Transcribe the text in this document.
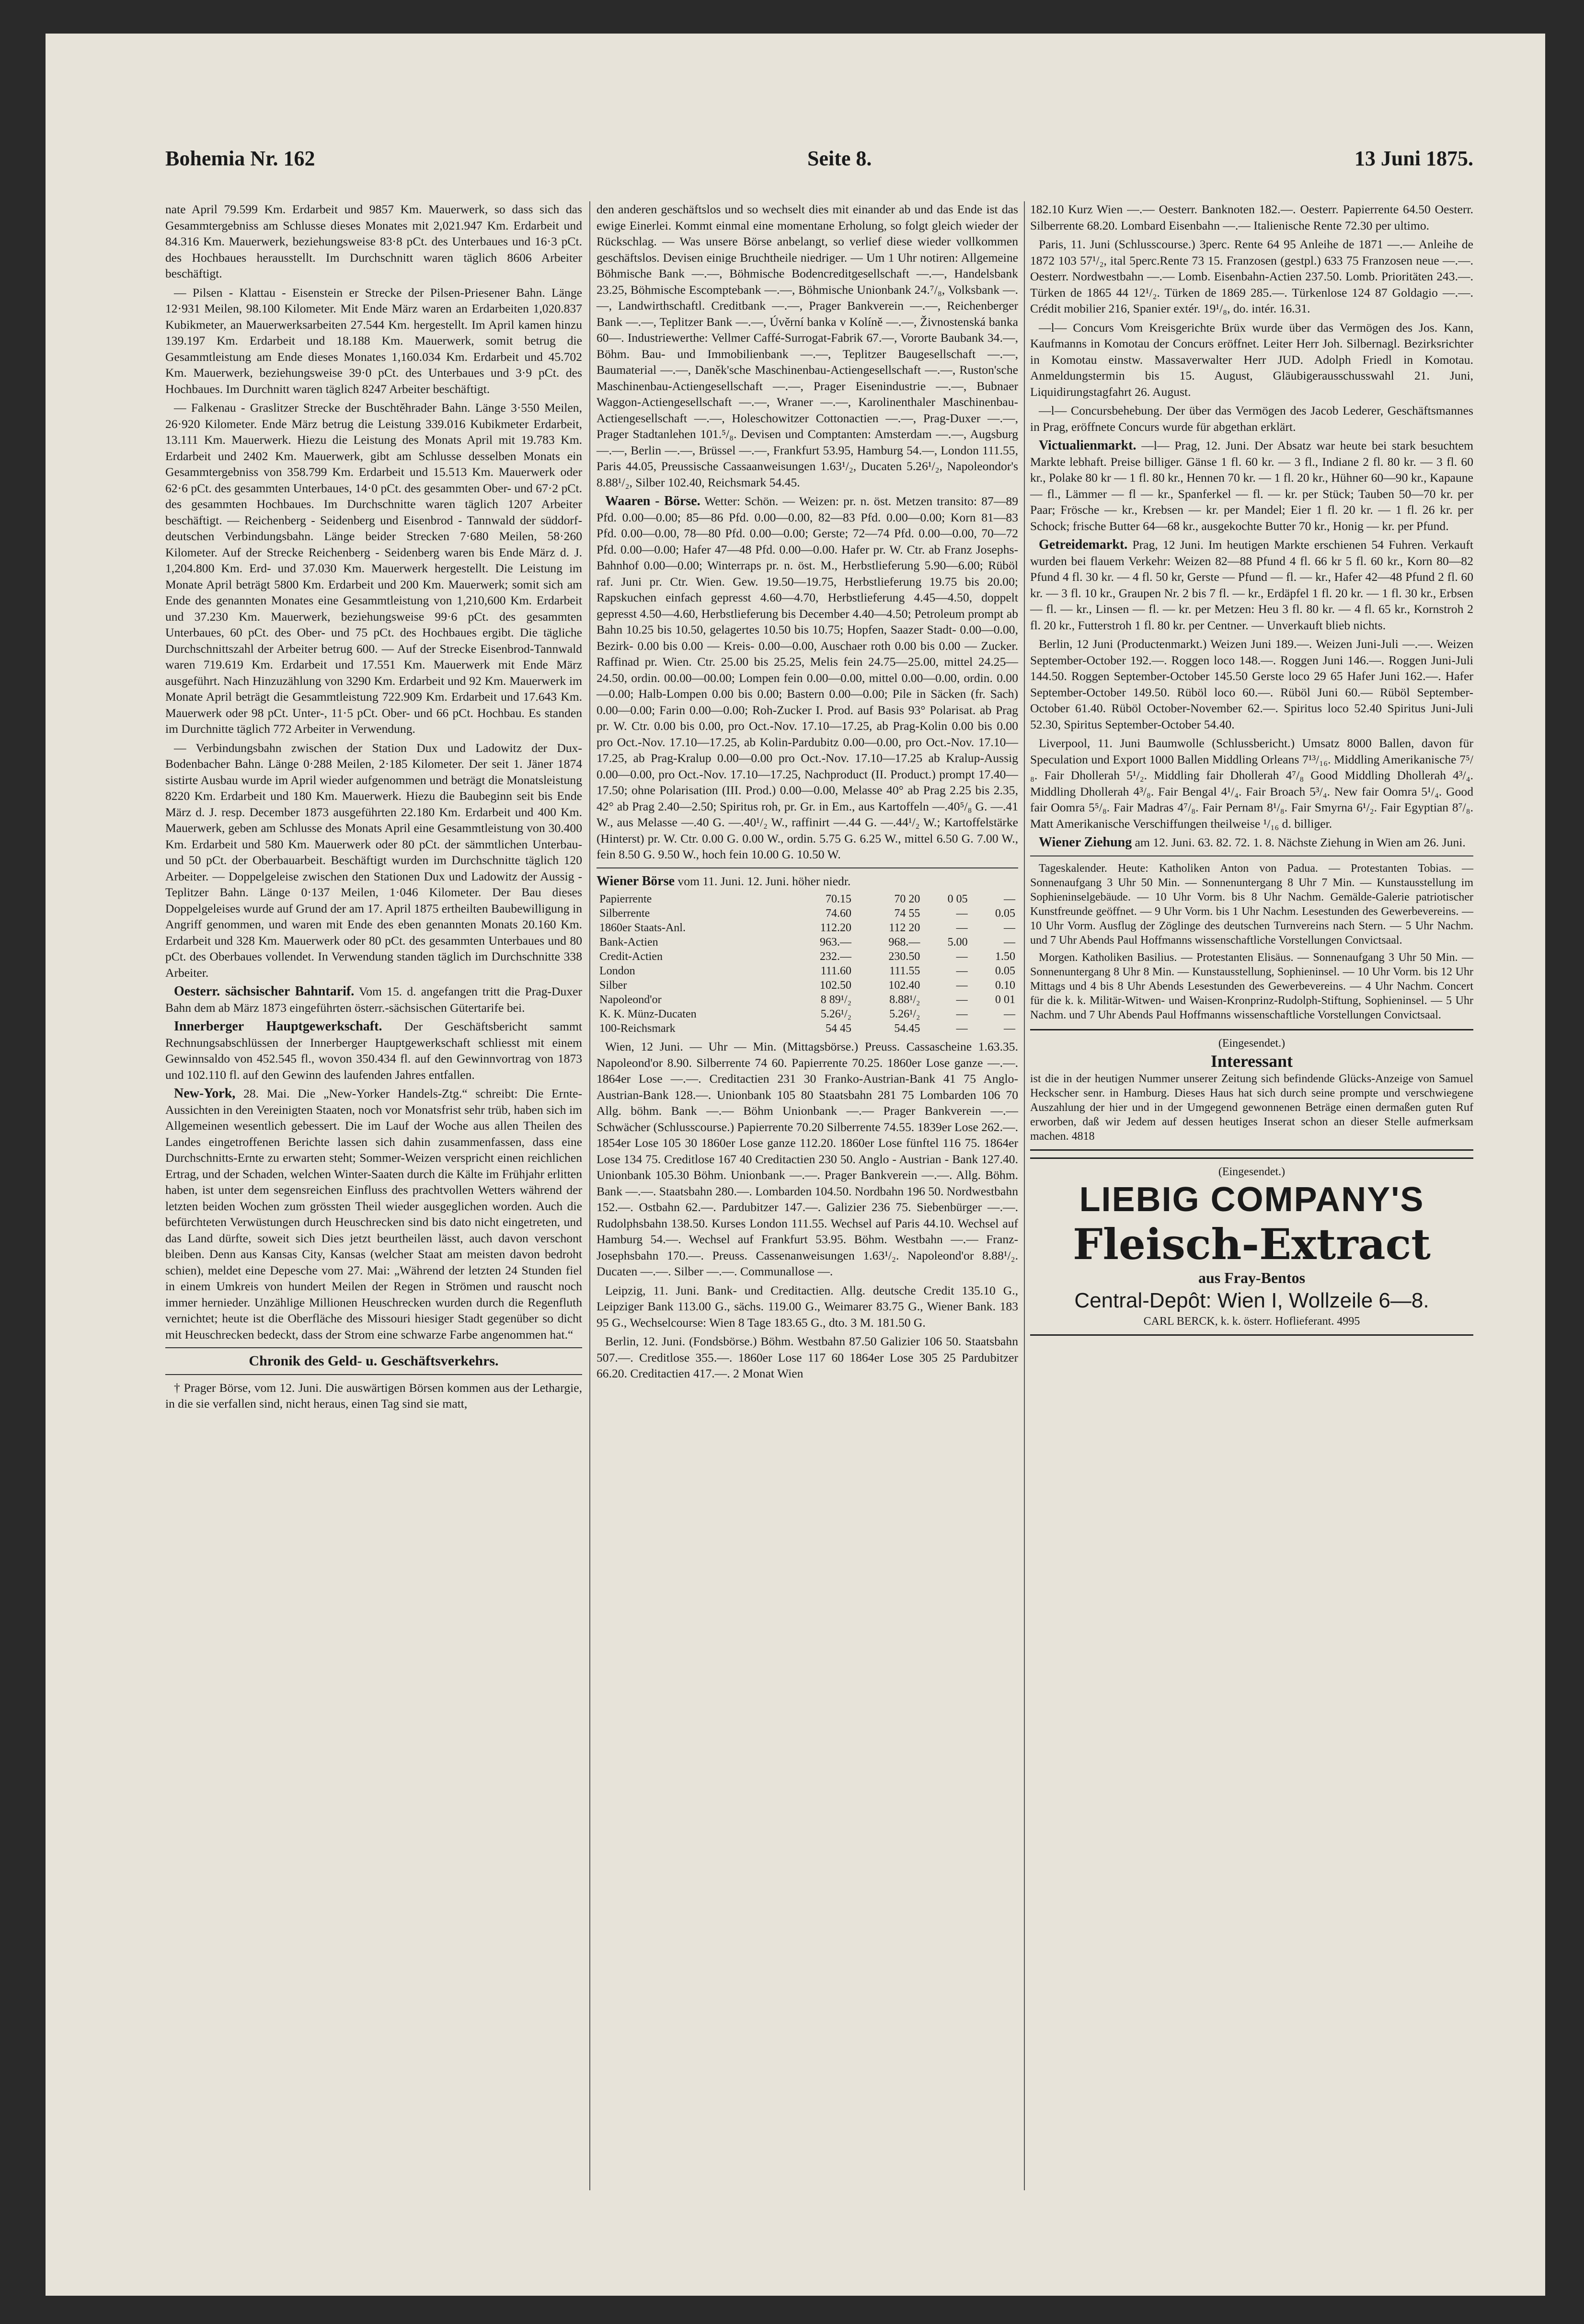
Bohemia Nr. 162	Seite 8.	13 Juni 1875.

nate April 79.599 Km. Erdarbeit und 9857 Km. Mauerwerk, so dass sich das Gesammtergebniss am Schlusse dieses Monates mit 2,021.947 Km. Erdarbeit und 84.316 Km. Mauerwerk, beziehungsweise 83·8 pCt. des Unterbaues und 16·3 pCt. des Hochbaues herausstellt. Im Durchschnitt waren täglich 8606 Arbeiter beschäftigt.

— Pilsen - Klattau - Eisenstein er Strecke der Pilsen-Priesener Bahn. Länge 12·931 Meilen, 98.100 Kilometer. Mit Ende März waren an Erdarbeiten 1,020.837 Kubikmeter, an Mauerwerksarbeiten 27.544 Km. hergestellt. Im April kamen hinzu 139.197 Km. Erdarbeit und 18.188 Km. Mauerwerk, somit betrug die Gesammtleistung am Ende dieses Monates 1,160.034 Km. Erdarbeit und 45.702 Km. Mauerwerk, beziehungsweise 39·0 pCt. des Unterbaues und 3·9 pCt. des Hochbaues. Im Durchnitt waren täglich 8247 Arbeiter beschäftigt.

— Falkenau - Graslitzer Strecke der Buschtěhrader Bahn. Länge 3·550 Meilen, 26·920 Kilometer. Ende März betrug die Leistung 339.016 Kubikmeter Erdarbeit, 13.111 Km. Mauerwerk. Hiezu die Leistung des Monats April mit 19.783 Km. Erdarbeit und 2402 Km. Mauerwerk, gibt am Schlusse desselben Monats ein Gesammtergebniss von 358.799 Km. Erdarbeit und 15.513 Km. Mauerwerk oder 62·6 pCt. des gesammten Unterbaues, 14·0 pCt. des gesammten Ober- und 67·2 pCt. des gesammten Hochbaues. Im Durchschnitte waren täglich 1207 Arbeiter beschäftigt. — Reichenberg - Seidenberg und Eisenbrod - Tannwald der süddorf-deutschen Verbindungsbahn. Länge beider Strecken 7·680 Meilen, 58·260 Kilometer. Auf der Strecke Reichenberg - Seidenberg waren bis Ende März d. J. 1,204.800 Km. Erd- und 37.030 Km. Mauerwerk hergestellt. Die Leistung im Monate April beträgt 5800 Km. Erdarbeit und 200 Km. Mauerwerk; somit sich am Ende des genannten Monates eine Gesammtleistung von 1,210,600 Km. Erdarbeit und 37.230 Km. Mauerwerk, beziehungsweise 99·6 pCt. des gesammten Unterbaues, 60 pCt. des Ober- und 75 pCt. des Hochbaues ergibt. Die tägliche Durchschnittszahl der Arbeiter betrug 600. — Auf der Strecke Eisenbrod-Tannwald waren 719.619 Km. Erdarbeit und 17.551 Km. Mauerwerk mit Ende März ausgeführt. Nach Hinzuzählung von 3290 Km. Erdarbeit und 92 Km. Mauerwerk im Monate April beträgt die Gesammtleistung 722.909 Km. Erdarbeit und 17.643 Km. Mauerwerk oder 98 pCt. Unter-, 11·5 pCt. Ober- und 66 pCt. Hochbau. Es standen im Durchnitte täglich 772 Arbeiter in Verwendung.

— Verbindungsbahn zwischen der Station Dux und Ladowitz der Dux-Bodenbacher Bahn. Länge 0·288 Meilen, 2·185 Kilometer. Der seit 1. Jäner 1874 sistirte Ausbau wurde im April wieder aufgenommen und beträgt die Monatsleistung 8220 Km. Erdarbeit und 180 Km. Mauerwerk. Hiezu die Baubeginn seit bis Ende März d. J. resp. December 1873 ausgeführten 22.180 Km. Erdarbeit und 400 Km. Mauerwerk, geben am Schlusse des Monats April eine Gesammtleistung von 30.400 Km. Erdarbeit und 580 Km. Mauerwerk oder 80 pCt. der sämmtlichen Unterbau- und 50 pCt. der Oberbauarbeit. Beschäftigt wurden im Durchschnitte täglich 120 Arbeiter. — Doppelgeleise zwischen den Stationen Dux und Ladowitz der Aussig - Teplitzer Bahn. Länge 0·137 Meilen, 1·046 Kilometer. Der Bau dieses Doppelgeleises wurde auf Grund der am 17. April 1875 ertheilten Baubewilligung in Angriff genommen, und waren mit Ende des eben genannten Monats 20.160 Km. Erdarbeit und 328 Km. Mauerwerk oder 80 pCt. des gesammten Unterbaues und 80 pCt. des Oberbaues vollendet. In Verwendung standen täglich im Durchschnitte 338 Arbeiter.

Oesterr. sächsischer Bahntarif. Vom 15. d. angefangen tritt die Prag-Duxer Bahn dem ab März 1873 eingeführten österr.-sächsischen Gütertarife bei.

Innerberger Hauptgewerkschaft. Der Geschäftsbericht sammt Rechnungsabschlüssen der Innerberger Hauptgewerkschaft schliesst mit einem Gewinnsaldo von 452.545 fl., wovon 350.434 fl. auf den Gewinnvortrag von 1873 und 102.110 fl. auf den Gewinn des laufenden Jahres entfallen.

New-York, 28. Mai. Die „New-Yorker Handels-Ztg.“ schreibt: Die Ernte-Aussichten in den Vereinigten Staaten, noch vor Monatsfrist sehr trüb, haben sich im Allgemeinen wesentlich gebessert. Die im Lauf der Woche aus allen Theilen des Landes eingetroffenen Berichte lassen sich dahin zusammenfassen, dass eine Durchschnitts-Ernte zu erwarten steht; Sommer-Weizen verspricht einen reichlichen Ertrag, und der Schaden, welchen Winter-Saaten durch die Kälte im Frühjahr erlitten haben, ist unter dem segensreichen Einfluss des prachtvollen Wetters während der letzten beiden Wochen zum grössten Theil wieder ausgeglichen worden. Auch die befürchteten Verwüstungen durch Heuschrecken sind bis dato nicht eingetreten, und das Land dürfte, soweit sich Dies jetzt beurtheilen lässt, auch davon verschont bleiben. Denn aus Kansas City, Kansas (welcher Staat am meisten davon bedroht schien), meldet eine Depesche vom 27. Mai: „Während der letzten 24 Stunden fiel in einem Umkreis von hundert Meilen der Regen in Strömen und rauscht noch immer hernieder. Unzählige Millionen Heuschrecken wurden durch die Regenfluth vernichtet; heute ist die Oberfläche des Missouri hiesiger Stadt gegenüber so dicht mit Heuschrecken bedeckt, dass der Strom eine schwarze Farbe angenommen hat.“

Chronik des Geld- u. Geschäftsverkehrs.

† Prager Börse, vom 12. Juni. Die auswärtigen Börsen kommen aus der Lethargie, in die sie verfallen sind, nicht heraus, einen Tag sind sie matt,

den anderen geschäftslos und so wechselt dies mit einander ab und das Ende ist das ewige Einerlei. Kommt einmal eine momentane Erholung, so folgt gleich wieder der Rückschlag. — Was unsere Börse anbelangt, so verlief diese wieder vollkommen geschäftslos. Devisen einige Bruchtheile niedriger. — Um 1 Uhr notiren: Allgemeine Böhmische Bank —.—, Böhmische Bodencreditgesellschaft —.—, Handelsbank 23.25, Böhmische Escomptebank —.—, Böhmische Unionbank 24.⁷/₈, Volksbank —.—, Landwirthschaftl. Creditbank —.—, Prager Bankverein —.—, Reichenberger Bank —.—, Teplitzer Bank —.—, Úvěrní banka v Kolíně —.—, Živnostenská banka 60—. Industriewerthe: Vellmer Caffé-Surrogat-Fabrik 67.—, Vororte Baubank 34.—, Böhm. Bau- und Immobilienbank —.—, Teplitzer Baugesellschaft —.—, Baumaterial —.—, Daněk'sche Maschinenbau-Actiengesellschaft —.—, Ruston'sche Maschinenbau-Actiengesellschaft —.—, Prager Eisenindustrie —.—, Bubnaer Waggon-Actiengesellschaft —.—, Wraner —.—, Karolinenthaler Maschinenbau-Actiengesellschaft —.—, Holeschowitzer Cottonactien —.—, Prag-Duxer —.—, Prager Stadtanlehen 101.⁵/₈. Devisen und Comptanten: Amsterdam —.—, Augsburg —.—, Berlin —.—, Brüssel —.—, Frankfurt 53.95, Hamburg 54.—, London 111.55, Paris 44.05, Preussische Cassaanweisungen 1.63¹/₂, Ducaten 5.26¹/₂, Napoleondor's 8.88¹/₂, Silber 102.40, Reichsmark 54.45.

Waaren - Börse. Wetter: Schön. — Weizen: pr. n. öst. Metzen transito: 87—89 Pfd. 0.00—0.00; 85—86 Pfd. 0.00—0.00, 82—83 Pfd. 0.00—0.00; Korn 81—83 Pfd. 0.00—0.00, 78—80 Pfd. 0.00—0.00; Gerste; 72—74 Pfd. 0.00—0.00, 70—72 Pfd. 0.00—0.00; Hafer 47—48 Pfd. 0.00—0.00. Hafer pr. W. Ctr. ab Franz Josephs-Bahnhof 0.00—0.00; Winterraps pr. n. öst. M., Herbstlieferung 5.90—6.00; Rüböl raf. Juni pr. Ctr. Wien. Gew. 19.50—19.75, Herbstlieferung 19.75 bis 20.00; Rapskuchen einfach gepresst 4.60—4.70, Herbstlieferung 4.45—4.50, doppelt gepresst 4.50—4.60, Herbstlieferung bis December 4.40—4.50; Petroleum prompt ab Bahn 10.25 bis 10.50, gelagertes 10.50 bis 10.75; Hopfen, Saazer Stadt- 0.00—0.00, Bezirk- 0.00 bis 0.00 — Kreis- 0.00—0.00, Auschaer roth 0.00 bis 0.00 — Zucker. Raffinad pr. Wien. Ctr. 25.00 bis 25.25, Melis fein 24.75—25.00, mittel 24.25—24.50, ordin. 00.00—00.00; Lompen fein 0.00—0.00, mittel 0.00—0.00, ordin. 0.00—0.00; Halb-Lompen 0.00 bis 0.00; Bastern 0.00—0.00; Pile in Säcken (fr. Sach) 0.00—0.00; Farin 0.00—0.00; Roh-Zucker I. Prod. auf Basis 93° Polarisat. ab Prag pr. W. Ctr. 0.00 bis 0.00, pro Oct.-Nov. 17.10—17.25, ab Prag-Kolin 0.00 bis 0.00 pro Oct.-Nov. 17.10—17.25, ab Kolin-Pardubitz 0.00—0.00, pro Oct.-Nov. 17.10—17.25, ab Prag-Kralup 0.00—0.00 pro Oct.-Nov. 17.10—17.25 ab Kralup-Aussig 0.00—0.00, pro Oct.-Nov. 17.10—17.25, Nachproduct (II. Product.) prompt 17.40—17.50; ohne Polarisation (III. Prod.) 0.00—0.00, Melasse 40° ab Prag 2.25 bis 2.35, 42° ab Prag 2.40—2.50; Spiritus roh, pr. Gr. in Em., aus Kartoffeln —.40⁵/₈ G. —.41 W., aus Melasse —.40 G. —.40¹/₂ W., raffinirt —.44 G. —.44¹/₂ W.; Kartoffelstärke (Hinterst) pr. W. Ctr. 0.00 G. 0.00 W., ordin. 5.75 G. 6.25 W., mittel 6.50 G. 7.00 W., fein 8.50 G. 9.50 W., hoch fein 10.00 G. 10.50 W.

Wiener Börse vom 11. Juni. 12. Juni. höher niedr.

Papierrente	70.15	70 20	0 05	—
Silberrente	74.60	74 55	—	0.05
1860er Staats-Anl.	112.20	112 20	—	—
Bank-Actien	963.—	968.—	5.00	—
Credit-Actien	232.—	230.50	—	1.50
London	111.60	111.55	—	0.05
Silber	102.50	102.40	—	0.10
Napoleond'or	8 89¹/₂	8.88¹/₂	—	0 01
K. K. Münz-Ducaten	5.26¹/₂	5.26¹/₂	—	—
100-Reichsmark	54 45	54.45	—	—

Wien, 12 Juni. — Uhr — Min. (Mittagsbörse.) Preuss. Cassascheine 1.63.35. Napoleond'or 8.90. Silberrente 74 60. Papierrente 70.25. 1860er Lose ganze —.—. 1864er Lose —.—. Creditactien 231 30 Franko-Austrian-Bank 41 75 Anglo-Austrian-Bank 128.—. Unionbank 105 80 Staatsbahn 281 75 Lombarden 106 70 Allg. böhm. Bank —.— Böhm Unionbank —.— Prager Bankverein —.— Schwächer (Schlusscourse.) Papierrente 70.20 Silberrente 74.55. 1839er Lose 262.—. 1854er Lose 105 30 1860er Lose ganze 112.20. 1860er Lose fünftel 116 75. 1864er Lose 134 75. Creditlose 167 40 Creditactien 230 50. Anglo - Austrian - Bank 127.40. Unionbank 105.30 Böhm. Unionbank —.—. Prager Bankverein —.—. Allg. Böhm. Bank —.—. Staatsbahn 280.—. Lombarden 104.50. Nordbahn 196 50. Nordwestbahn 152.—. Ostbahn 62.—. Pardubitzer 147.—. Galizier 236 75. Siebenbürger —.—. Rudolphsbahn 138.50. Kurses London 111.55. Wechsel auf Paris 44.10. Wechsel auf Hamburg 54.—. Wechsel auf Frankfurt 53.95. Böhm. Westbahn —.— Franz-Josephsbahn 170.—. Preuss. Cassenanweisungen 1.63¹/₂. Napoleond'or 8.88¹/₂. Ducaten —.—. Silber —.—. Communallose —.

Leipzig, 11. Juni. Bank- und Creditactien. Allg. deutsche Credit 135.10 G., Leipziger Bank 113.00 G., sächs. 119.00 G., Weimarer 83.75 G., Wiener Bank. 183 95 G., Wechselcourse: Wien 8 Tage 183.65 G., dto. 3 M. 181.50 G.

Berlin, 12. Juni. (Fondsbörse.) Böhm. Westbahn 87.50 Galizier 106 50. Staatsbahn 507.—. Creditlose 355.—. 1860er Lose 117 60 1864er Lose 305 25 Pardubitzer 66.20. Creditactien 417.—. 2 Monat Wien

182.10 Kurz Wien —.— Oesterr. Banknoten 182.—. Oesterr. Papierrente 64.50 Oesterr. Silberrente 68.20. Lombard Eisenbahn —.— Italienische Rente 72.30 per ultimo.

Paris, 11. Juni (Schlusscourse.) 3perc. Rente 64 95 Anleihe de 1871 —.— Anleihe de 1872 103 57¹/₂, ital 5perc.Rente 73 15. Franzosen (gestpl.) 633 75 Franzosen neue —.—. Oesterr. Nordwestbahn —.— Lomb. Eisenbahn-Actien 237.50. Lomb. Prioritäten 243.—. Türken de 1865 44 12¹/₂. Türken de 1869 285.—. Türkenlose 124 87 Goldagio —.—. Crédit mobilier 216, Spanier extér. 19¹/₈, do. intér. 16.31.

—l— Concurs Vom Kreisgerichte Brüx wurde über das Vermögen des Jos. Kann, Kaufmanns in Komotau der Concurs eröffnet. Leiter Herr Joh. Silbernagl. Bezirksrichter in Komotau einstw. Massaverwalter Herr JUD. Adolph Friedl in Komotau. Anmeldungstermin bis 15. August, Gläubigerausschusswahl 21. Juni, Liquidirungstagfahrt 26. August.

—l— Concursbehebung. Der über das Vermögen des Jacob Lederer, Geschäftsmannes in Prag, eröffnete Concurs wurde für abgethan erklärt.

Victualienmarkt. —l— Prag, 12. Juni. Der Absatz war heute bei stark besuchtem Markte lebhaft. Preise billiger. Gänse 1 fl. 60 kr. — 3 fl., Indiane 2 fl. 80 kr. — 3 fl. 60 kr., Polake 80 kr — 1 fl. 80 kr., Hennen 70 kr. — 1 fl. 20 kr., Hühner 60—90 kr., Kapaune — fl., Lämmer — fl — kr., Spanferkel — fl. — kr. per Stück; Tauben 50—70 kr. per Paar; Frösche — kr., Krebsen — kr. per Mandel; Eier 1 fl. 20 kr. — 1 fl. 26 kr. per Schock; frische Butter 64—68 kr., ausgekochte Butter 70 kr., Honig — kr. per Pfund.

Getreidemarkt. Prag, 12 Juni. Im heutigen Markte erschienen 54 Fuhren. Verkauft wurden bei flauem Verkehr: Weizen 82—88 Pfund 4 fl. 66 kr 5 fl. 60 kr., Korn 80—82 Pfund 4 fl. 30 kr. — 4 fl. 50 kr, Gerste — Pfund — fl. — kr., Hafer 42—48 Pfund 2 fl. 60 kr. — 3 fl. 10 kr., Graupen Nr. 2 bis 7 fl. — kr., Erdäpfel 1 fl. 20 kr. — 1 fl. 30 kr., Erbsen — fl. — kr., Linsen — fl. — kr. per Metzen: Heu 3 fl. 80 kr. — 4 fl. 65 kr., Kornstroh 2 fl. 20 kr., Futterstroh 1 fl. 80 kr. per Centner. — Unverkauft blieb nichts.

Berlin, 12 Juni (Productenmarkt.) Weizen Juni 189.—. Weizen Juni-Juli —.—. Weizen September-October 192.—. Roggen loco 148.—. Roggen Juni 146.—. Roggen Juni-Juli 144.50. Roggen September-October 145.50 Gerste loco 29 65 Hafer Juni 162.—. Hafer September-October 149.50. Rüböl loco 60.—. Rüböl Juni 60.— Rüböl September-October 61.40. Rüböl October-November 62.—. Spiritus loco 52.40 Spiritus Juni-Juli 52.30, Spiritus September-October 54.40.

Liverpool, 11. Juni Baumwolle (Schlussbericht.) Umsatz 8000 Ballen, davon für Speculation und Export 1000 Ballen Middling Orleans 7¹³/₁₆. Middling Amerikanische 7⁵/₈. Fair Dhollerah 5¹/₂. Middling fair Dhollerah 4⁷/₈ Good Middling Dhollerah 4³/₄. Middling Dhollerah 4³/₈. Fair Bengal 4¹/₄. Fair Broach 5³/₄. New fair Oomra 5¹/₄. Good fair Oomra 5⁵/₈. Fair Madras 4⁷/₈. Fair Pernam 8¹/₈. Fair Smyrna 6¹/₂. Fair Egyptian 8⁷/₈. Matt Amerikanische Verschiffungen theilweise ¹/₁₆ d. billiger.

Wiener Ziehung am 12. Juni. 63. 82. 72. 1. 8. Nächste Ziehung in Wien am 26. Juni.

Tageskalender. Heute: Katholiken Anton von Padua. — Protestanten Tobias. — Sonnenaufgang 3 Uhr 50 Min. — Sonnenuntergang 8 Uhr 7 Min. — Kunstausstellung im Sophieninselgebäude. — 10 Uhr Vorm. bis 8 Uhr Nachm. Gemälde-Galerie patriotischer Kunstfreunde geöffnet. — 9 Uhr Vorm. bis 1 Uhr Nachm. Lesestunden des Gewerbevereins. — 10 Uhr Vorm. Ausflug der Zöglinge des deutschen Turnvereins nach Stern. — 5 Uhr Nachm. und 7 Uhr Abends Paul Hoffmanns wissenschaftliche Vorstellungen Convictsaal.

Morgen. Katholiken Basilius. — Protestanten Elisäus. — Sonnenaufgang 3 Uhr 50 Min. — Sonnenuntergang 8 Uhr 8 Min. — Kunstausstellung, Sophieninsel. — 10 Uhr Vorm. bis 12 Uhr Mittags und 4 bis 8 Uhr Abends Lesestunden des Gewerbevereins. — 4 Uhr Nachm. Concert für die k. k. Militär-Witwen- und Waisen-Kronprinz-Rudolph-Stiftung, Sophieninsel. — 5 Uhr Nachm. und 7 Uhr Abends Paul Hoffmanns wissenschaftliche Vorstellungen Convictsaal.

(Eingesendet.)
Interessant
ist die in der heutigen Nummer unserer Zeitung sich befindende Glücks-Anzeige von Samuel Heckscher senr. in Hamburg. Dieses Haus hat sich durch seine prompte und verschwiegene Auszahlung der hier und in der Umgegend gewonnenen Beträge einen dermaßen guten Ruf erworben, daß wir Jedem auf dessen heutiges Inserat schon an dieser Stelle aufmerksam machen. 4818
(Eingesendet.)
LIEBIG COMPANY'S
Fleisch-Extract
aus Fray-Bentos
Central-Depôt: Wien I, Wollzeile 6—8.
CARL BERCK, k. k. österr. Hoflieferant. 4995
